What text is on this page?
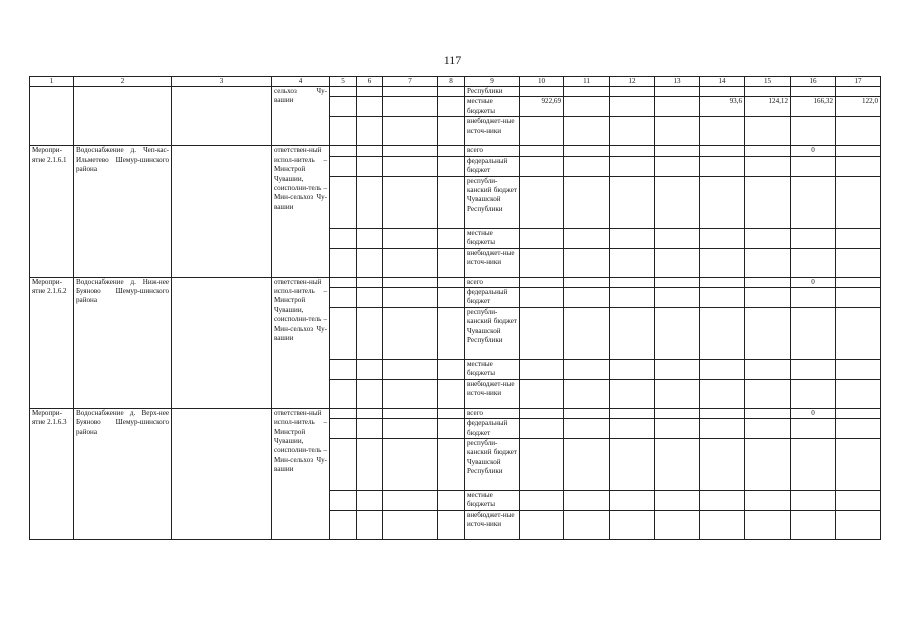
117
1	2	3	4	5	6	7	8	9	10	11	12	13	14	15	16	17
			сельхоз Чу-вашии					Республики								
								местные бюджеты	922,69				93,6	124,12	166,32	122,0
								внебюджет-ные источ-ники								
Меропри-ятие 2.1.6.1	Водоснабжение д. Чеп-кас-Ильметево Шемур-шинского района		ответствен-ный испол-нитель – Минстрой Чувашии, соисполни-тель – Мин-сельхоз Чу-вашии					всего							0	
								федеральный бюджет								
								республи-канский бюджет Чувашской Республики								
								местные бюджеты								
								внебюджет-ные источ-ники								
Меропри-ятие 2.1.6.2	Водоснабжение д. Ниж-нее Буяново Шемур-шинского района		ответствен-ный испол-нитель – Минстрой Чувашии, соисполни-тель – Мин-сельхоз Чу-вашии					всего							0	
								федеральный бюджет								
								республи-канский бюджет Чувашской Республики								
								местные бюджеты								
								внебюджет-ные источ-ники								
Меропри-ятие 2.1.6.3	Водоснабжение д. Верх-нее Буяново Шемур-шинского района		ответствен-ный испол-нитель – Минстрой Чувашии, соисполни-тель – Мин-сельхоз Чу-вашии					всего							0	
								федеральный бюджет								
								республи-канский бюджет Чувашской Республики								
								местные бюджеты								
								внебюджет-ные источ-ники								
